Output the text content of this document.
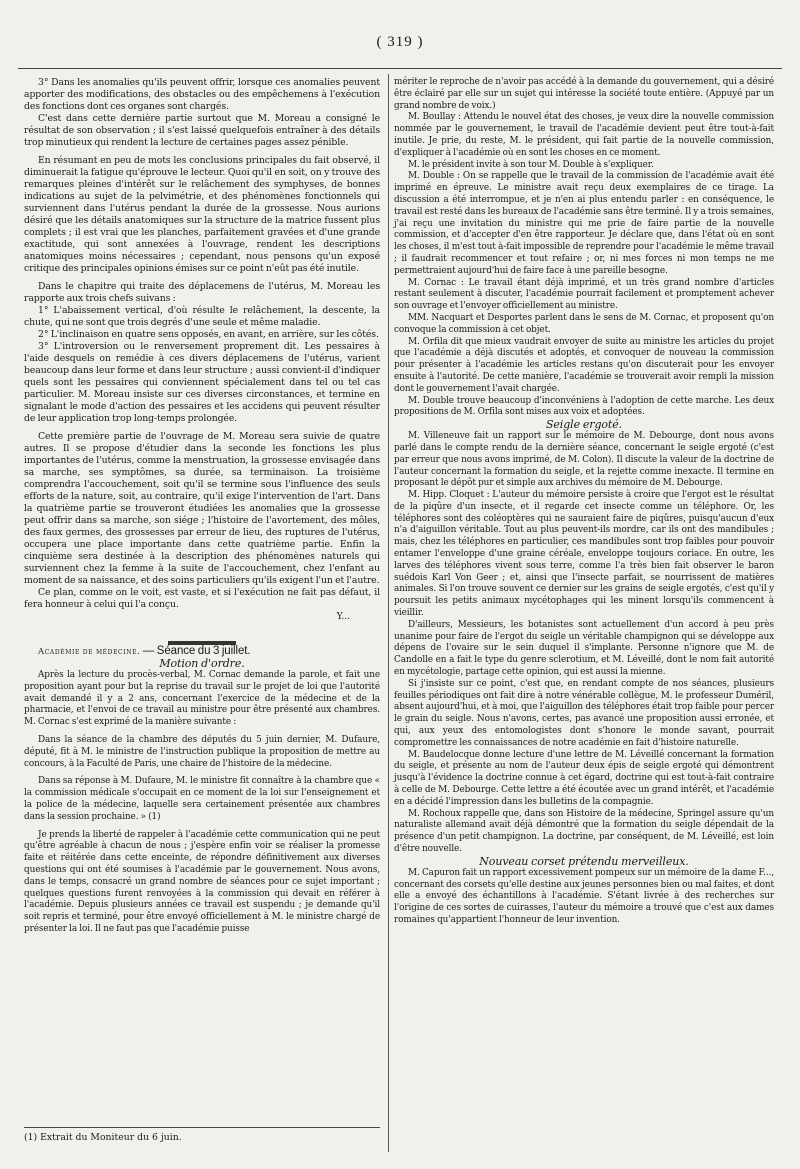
( 319 )

3° Dans les anomalies qu'ils peuvent offrir, lorsque ces anomalies peuvent apporter des modifications, des obstacles ou des empêchemens à l'exécution des fonctions dont ces organes sont chargés.

C'est dans cette dernière partie surtout que M. Moreau a consigné le résultat de son observation ; il s'est laissé quelquefois entraîner à des détails trop minutieux qui rendent la lecture de certaines pages assez pénible.

En résumant en peu de mots les conclusions principales du fait observé, il diminuerait la fatigue qu'éprouve le lecteur. Quoi qu'il en soit, on y trouve des remarques pleines d'intérêt sur le relâchement des symphyses, de bonnes indications au sujet de la pelvimétrie, et des phénomènes fonctionnels qui surviennent dans l'utérus pendant la durée de la grossesse. Nous aurions désiré que les détails anatomiques sur la structure de la matrice fussent plus complets ; il est vrai que les planches, parfaitement gravées et d'une grande exactitude, qui sont annexées à l'ouvrage, rendent les descriptions anatomiques moins nécessaires ; cependant, nous pensons qu'un exposé critique des principales opinions émises sur ce point n'eût pas été inutile.

Dans le chapitre qui traite des déplacemens de l'utérus, M. Moreau les rapporte aux trois chefs suivans :

1° L'abaissement vertical, d'où résulte le relâchement, la descente, la chute, qui ne sont que trois degrés d'une seule et même maladie.

2° L'inclinaison en quatre sens opposés, en avant, en arrière, sur les côtés.

3° L'introversion ou le renversement proprement dit. Les pessaires à l'aide desquels on remédie à ces divers déplacemens de l'utérus, varient beaucoup dans leur forme et dans leur structure ; aussi convient-il d'indiquer quels sont les pessaires qui conviennent spécialement dans tel ou tel cas particulier. M. Moreau insiste sur ces diverses circonstances, et termine en signalant le mode d'action des pessaires et les accidens qui peuvent résulter de leur application trop long-temps prolongée.

Cette première partie de l'ouvrage de M. Moreau sera suivie de quatre autres. Il se propose d'étudier dans la seconde les fonctions les plus importantes de l'utérus, comme la menstruation, la grossesse envisagée dans sa marche, ses symptômes, sa durée, sa terminaison. La troisième comprendra l'accouchement, soit qu'il se termine sous l'influence des seuls efforts de la nature, soit, au contraire, qu'il exige l'intervention de l'art. Dans la quatrième partie se trouveront étudiées les anomalies que la grossesse peut offrir dans sa marche, son siége ; l'histoire de l'avortement, des môles, des faux germes, des grossesses par erreur de lieu, des ruptures de l'utérus, occupera une place importante dans cette quatrième partie. Enfin la cinquième sera destinée à la description des phénomènes naturels qui surviennent chez la femme à la suite de l'accouchement, chez l'enfant au moment de sa naissance, et des soins particuliers qu'ils exigent l'un et l'autre.

Ce plan, comme on le voit, est vaste, et si l'exécution ne fait pas défaut, il fera honneur à celui qui l'a conçu.

Y...

Académie de médecine. — Séance du 3 juillet.

Motion d'ordre.

Après la lecture du procès-verbal, M. Cornac demande la parole, et fait une proposition ayant pour but la reprise du travail sur le projet de loi que l'autorité avait demandé il y a 2 ans, concernant l'exercice de la médecine et de la pharmacie, et l'envoi de ce travail au ministre pour être présenté aux chambres. M. Cornac s'est exprimé de la manière suivante :

Dans la séance de la chambre des députés du 5 juin dernier, M. Dufaure, député, fit à M. le ministre de l'instruction publique la proposition de mettre au concours, à la Faculté de Paris, une chaire de l'histoire de la médecine.

Dans sa réponse à M. Dufaure, M. le ministre fit connaître à la chambre que « la commission médicale s'occupait en ce moment de la loi sur l'enseignement et la police de la médecine, laquelle sera certainement présentée aux chambres dans la session prochaine. » (1)

Je prends la liberté de rappeler à l'académie cette communication qui ne peut qu'être agréable à chacun de nous ; j'espère enfin voir se réaliser la promesse faite et réitérée dans cette enceinte, de répondre définitivement aux diverses questions qui ont été soumises à l'académie par le gouvernement. Nous avons, dans le temps, consacré un grand nombre de séances pour ce sujet important ; quelques questions furent renvoyées à la commission qui devait en référer à l'académie. Depuis plusieurs années ce travail est suspendu ; je demande qu'il soit repris et terminé, pour être envoyé officiellement à M. le ministre chargé de présenter la loi. Il ne faut pas que l'académie puisse

(1) Extrait du Moniteur du 6 juin.

mériter le reproche de n'avoir pas accédé à la demande du gouvernement, qui a désiré être éclairé par elle sur un sujet qui intéresse la société toute entière. (Appuyé par un grand nombre de voix.)

M. Boullay : Attendu le nouvel état des choses, je veux dire la nouvelle commission nommée par le gouvernement, le travail de l'académie devient peut être tout-à-fait inutile. Je prie, du reste, M. le président, qui fait partie de la nouvelle commission, d'expliquer à l'académie où en sont les choses en ce moment.

M. le président invite à son tour M. Double à s'expliquer.

M. Double : On se rappelle que le travail de la commission de l'académie avait été imprimé en épreuve. Le ministre avait reçu deux exemplaires de ce tirage. La discussion a été interrompue, et je n'en ai plus entendu parler : en conséquence, le travail est resté dans les bureaux de l'académie sans être terminé. Il y a trois semaines, j'ai reçu une invitation du ministre qui me prie de faire partie de la nouvelle commission, et d'accepter d'en être rapporteur. Je déclare que, dans l'état où en sont les choses, il m'est tout à-fait impossible de reprendre pour l'académie le même travail ; il faudrait recommencer et tout refaire ; or, ni mes forces ni mon temps ne me permettraient aujourd'hui de faire face à une pareille besogne.

M. Cornac : Le travail étant déjà imprimé, et un très grand nombre d'articles restant seulement à discuter, l'académie pourrait facilement et promptement achever son ouvrage et l'envoyer officiellement au ministre.

MM. Nacquart et Desportes parlent dans le sens de M. Cornac, et proposent qu'on convoque la commission à cet objet.

M. Orfila dit que mieux vaudrait envoyer de suite au ministre les articles du projet que l'académie a déjà discutés et adoptés, et convoquer de nouveau la commission pour présenter à l'académie les articles restans qu'on discuterait pour les envoyer ensuite à l'autorité. De cette manière, l'académie se trouverait avoir rempli la mission dont le gouvernement l'avait chargée.

M. Double trouve beaucoup d'inconvéniens à l'adoption de cette marche. Les deux propositions de M. Orfila sont mises aux voix et adoptées.

Seigle ergoté.

M. Villeneuve fait un rapport sur le mémoire de M. Debourge, dont nous avons parlé dans le compte rendu de la dernière séance, concernant le seigle ergoté (c'est par erreur que nous avons imprimé, de M. Colon). Il discute la valeur de la doctrine de l'auteur concernant la formation du seigle, et la rejette comme inexacte. Il termine en proposant le dépôt pur et simple aux archives du mémoire de M. Debourge.

M. Hipp. Cloquet : L'auteur du mémoire persiste à croire que l'ergot est le résultat de la piqûre d'un insecte, et il regarde cet insecte comme un téléphore. Or, les téléphores sont des coléoptères qui ne sauraient faire de piqûres, puisqu'aucun d'eux n'a d'aiguillon véritable. Tout au plus peuvent-ils mordre, car ils ont des mandibules ; mais, chez les téléphores en particulier, ces mandibules sont trop faibles pour pouvoir entamer l'enveloppe d'une graine céréale, enveloppe toujours coriace. En outre, les larves des téléphores vivent sous terre, comme l'a très bien fait observer le baron suédois Karl Von Geer ; et, ainsi que l'insecte parfait, se nourrissent de matières animales. Si l'on trouve souvent ce dernier sur les grains de seigle ergotés, c'est qu'il y poursuit les petits animaux mycétophages qui les minent lorsqu'ils commencent à vieillir.

D'ailleurs, Messieurs, les botanistes sont actuellement d'un accord à peu près unanime pour faire de l'ergot du seigle un véritable champignon qui se développe aux dépens de l'ovaire sur le sein duquel il s'implante. Personne n'ignore que M. de Candolle en a fait le type du genre sclerotium, et M. Léveillé, dont le nom fait autorité en mycétologie, partage cette opinion, qui est aussi la mienne.

Si j'insiste sur ce point, c'est que, en rendant compte de nos séances, plusieurs feuilles périodiques ont fait dire à notre vénérable collègue, M. le professeur Duméril, absent aujourd'hui, et à moi, que l'aiguillon des téléphores était trop faible pour percer le grain du seigle. Nous n'avons, certes, pas avancé une proposition aussi erronée, et qui, aux yeux des entomologistes dont s'honore le monde savant, pourrait compromettre les connaissances de notre académie en fait d'histoire naturelle.

M. Baudelocque donne lecture d'une lettre de M. Léveillé concernant la formation du seigle, et présente au nom de l'auteur deux épis de seigle ergoté qui démontrent jusqu'à l'évidence la doctrine connue à cet égard, doctrine qui est tout-à-fait contraire à celle de M. Debourge. Cette lettre a été écoutée avec un grand intérêt, et l'académie en a décidé l'impression dans les bulletins de la compagnie.

M. Rochoux rappelle que, dans son Histoire de la médecine, Springel assure qu'un naturaliste allemand avait déjà démontré que la formation du seigle dépendait de la présence d'un petit champignon. La doctrine, par conséquent, de M. Léveillé, est loin d'être nouvelle.

Nouveau corset prétendu merveilleux.

M. Capuron fait un rapport excessivement pompeux sur un mémoire de la dame F..., concernant des corsets qu'elle destine aux jeunes personnes bien ou mal faites, et dont elle a envoyé des échantillons à l'académie. S'étant livrée à des recherches sur l'origine de ces sortes de cuirasses, l'auteur du mémoire a trouvé que c'est aux dames romaines qu'appartient l'honneur de leur invention.
